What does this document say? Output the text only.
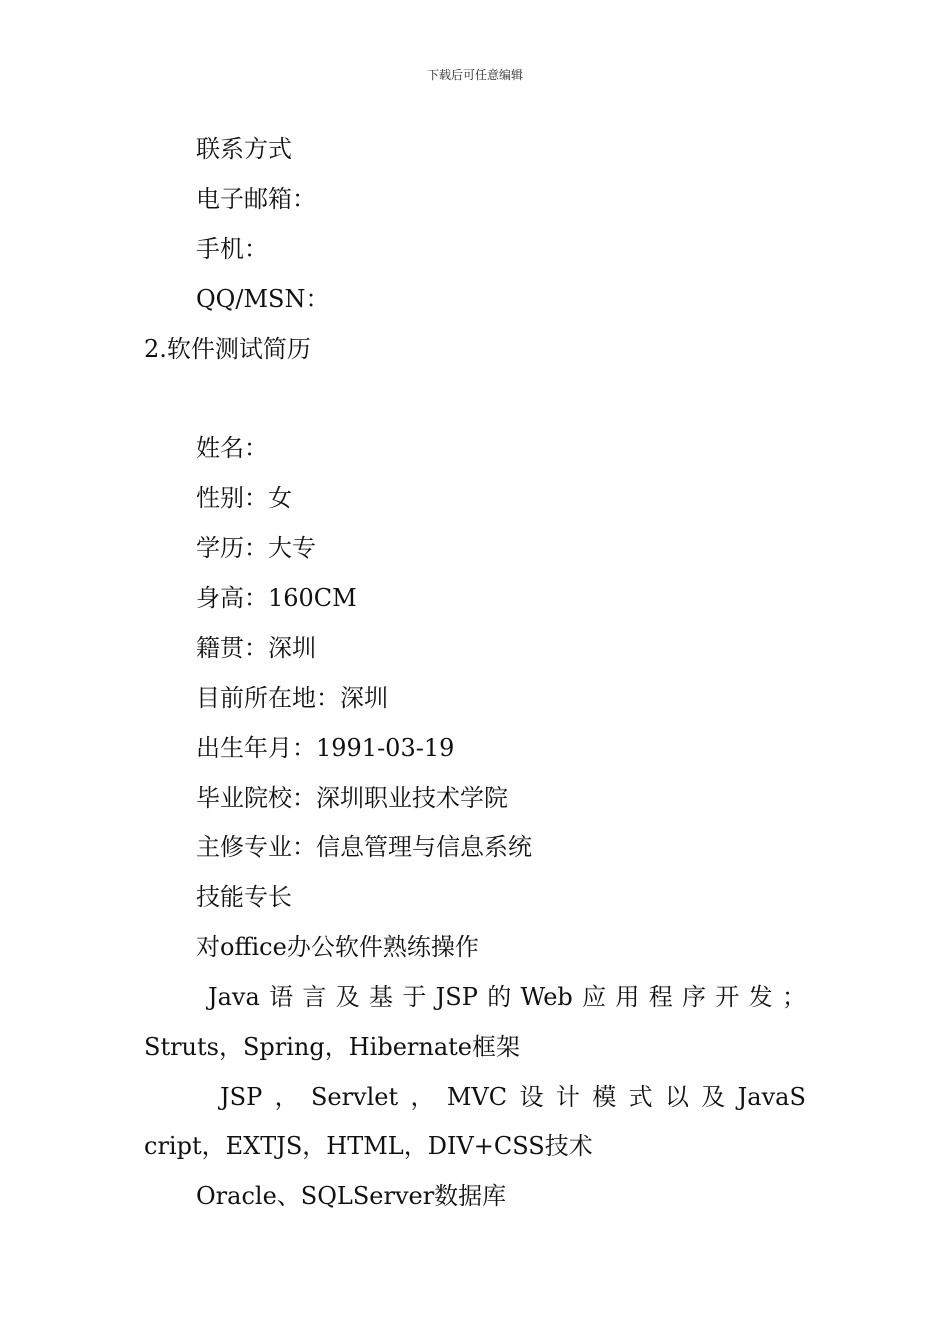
下载后可任意编辑
联系方式
电子邮箱：
手机：
QQ/MSN：
2.软件测试简历
姓名：
性别：女
学历：大专
身高：160CM
籍贯：深圳
目前所在地：深圳
出生年月：1991-03-19
毕业院校：深圳职业技术学院
主修专业：信息管理与信息系统
技能专长
对office办公软件熟练操作
Java 语 言 及 基 于 JSP 的 Web 应 用 程 序 开 发 ；
Struts，Spring，Hibernate框架
JSP ， Servlet ， MVC 设 计 模 式 以 及 JavaS
cript，EXTJS，HTML，DIV+CSS技术
Oracle、SQLServer数据库
